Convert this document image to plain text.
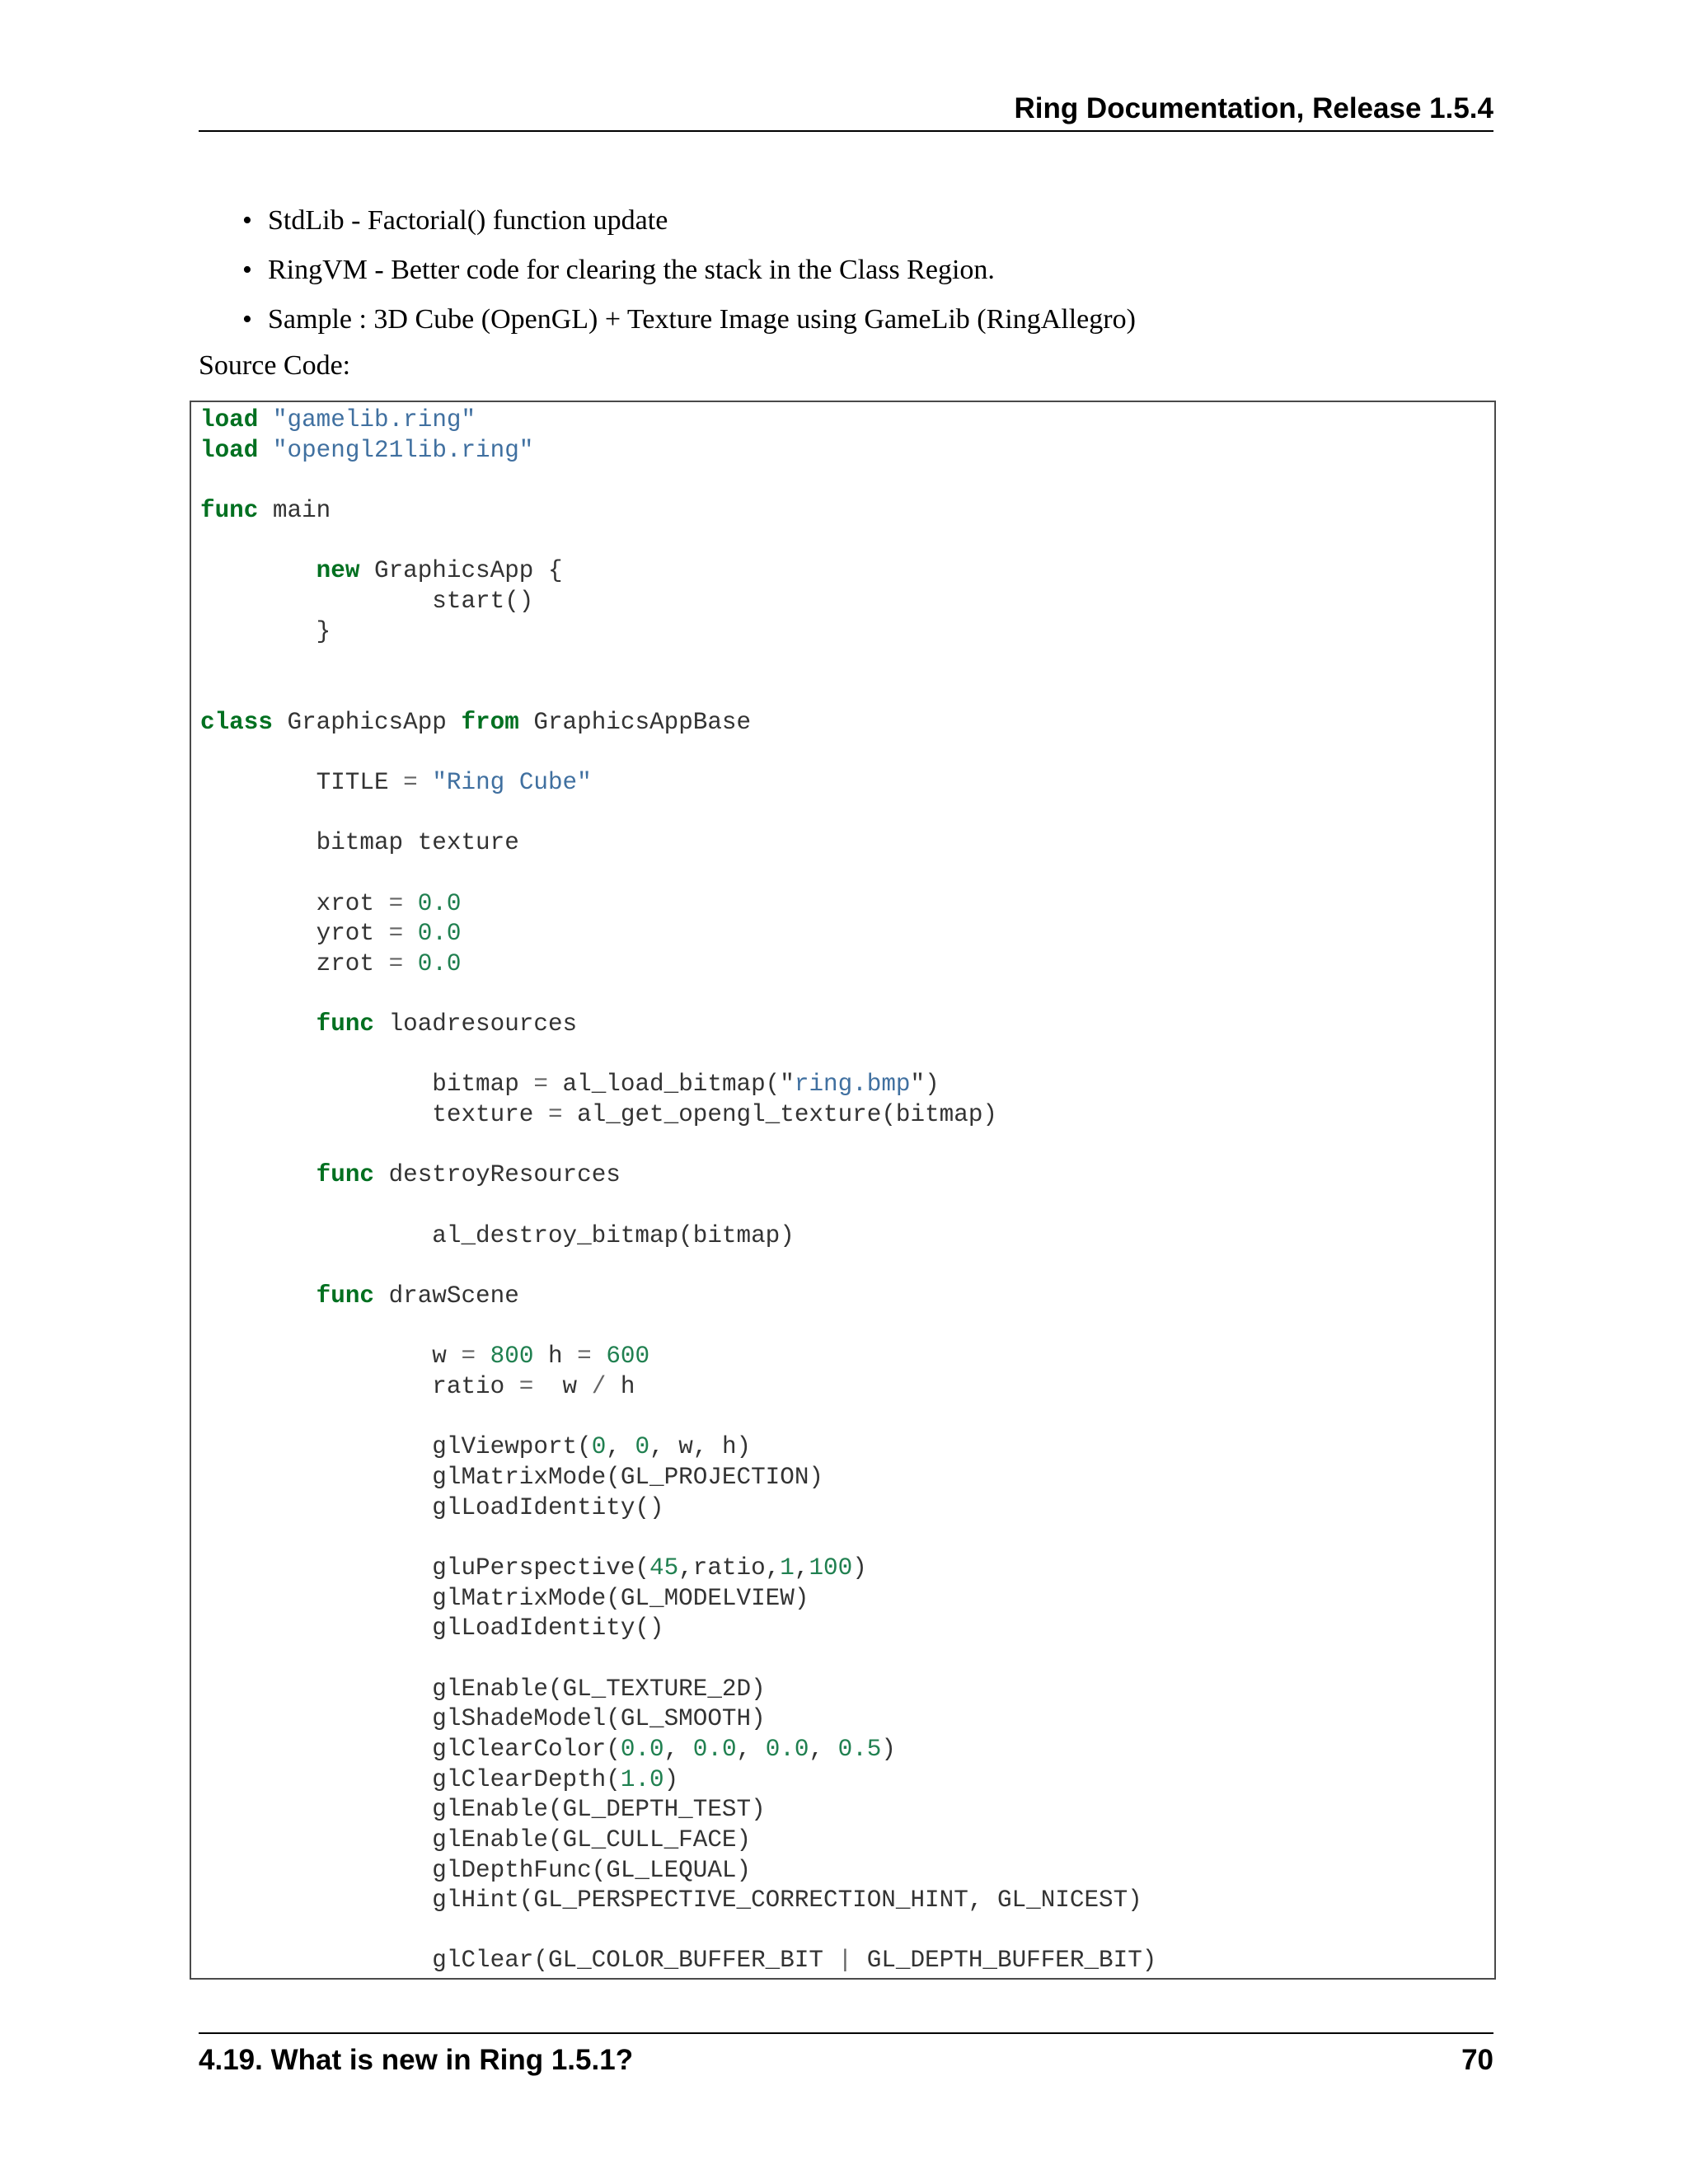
Ring Documentation, Release 1.5.4
• StdLib - Factorial() function update
• RingVM - Better code for clearing the stack in the Class Region.
• Sample : 3D Cube (OpenGL) + Texture Image using GameLib (RingAllegro)
Source Code:
load "gamelib.ring"
load "opengl21lib.ring"

func main

new GraphicsApp {
start()
}

class GraphicsApp from GraphicsAppBase

TITLE = "Ring Cube"

bitmap texture

xrot = 0.0
yrot = 0.0
zrot = 0.0

func loadresources

bitmap = al_load_bitmap("ring.bmp")
texture = al_get_opengl_texture(bitmap)

func destroyResources

al_destroy_bitmap(bitmap)

func drawScene

w = 800 h = 600
ratio =  w / h

glViewport(0, 0, w, h)
glMatrixMode(GL_PROJECTION)
glLoadIdentity()

gluPerspective(45,ratio,1,100)
glMatrixMode(GL_MODELVIEW)
glLoadIdentity()

glEnable(GL_TEXTURE_2D)
glShadeModel(GL_SMOOTH)
glClearColor(0.0, 0.0, 0.0, 0.5)
glClearDepth(1.0)
glEnable(GL_DEPTH_TEST)
glEnable(GL_CULL_FACE)
glDepthFunc(GL_LEQUAL)
glHint(GL_PERSPECTIVE_CORRECTION_HINT, GL_NICEST)

glClear(GL_COLOR_BUFFER_BIT | GL_DEPTH_BUFFER_BIT)
4.19. What is new in Ring 1.5.1?	70
